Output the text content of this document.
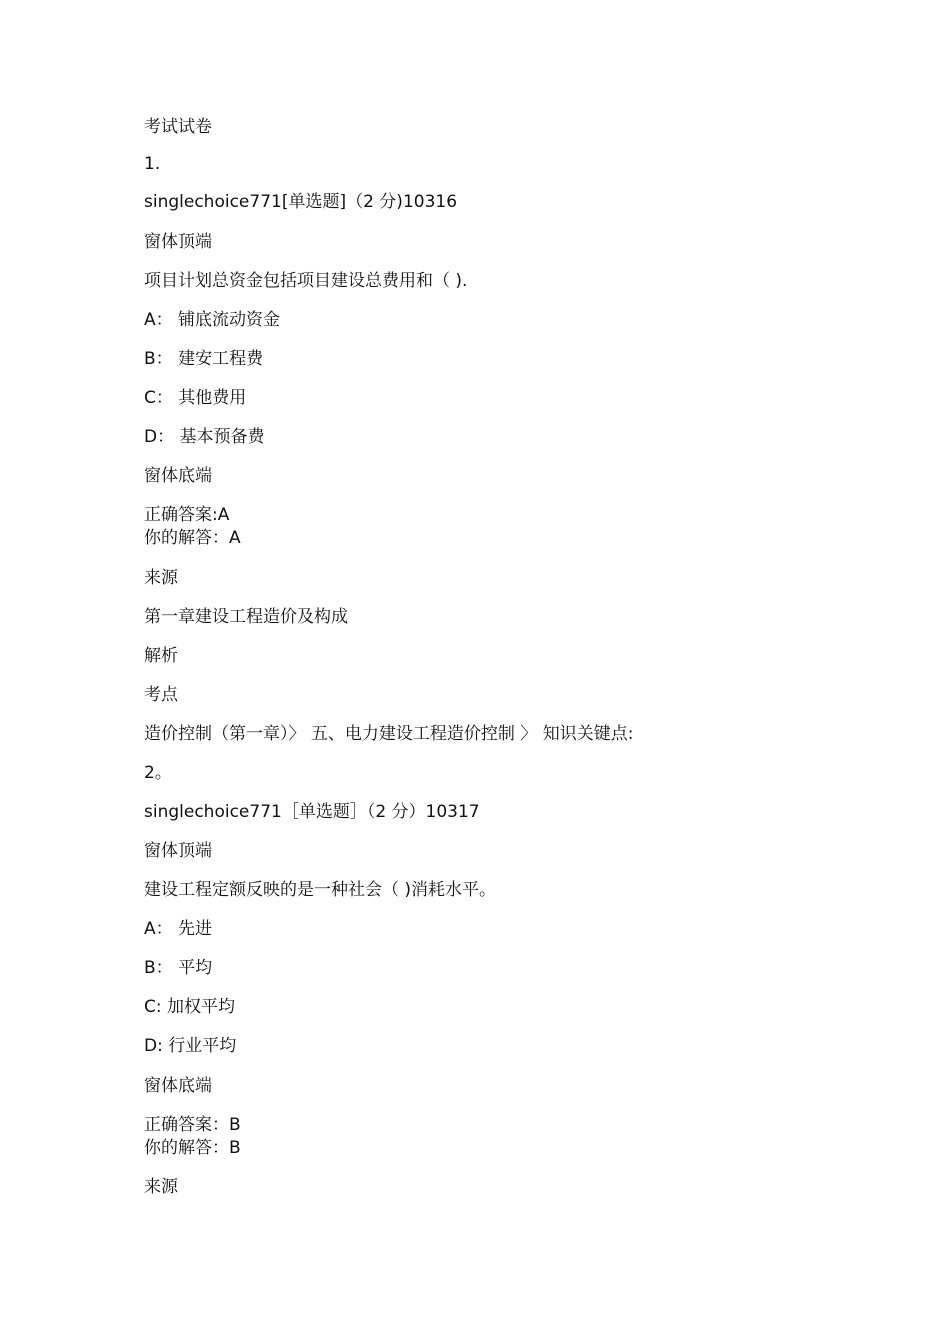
考试试卷
1.
singlechoice771[单选题]（2 分)10316
窗体顶端
项目计划总资金包括项目建设总费用和（ ).
A： 铺底流动资金
B： 建安工程费
C： 其他费用
D： 基本预备费
窗体底端
正确答案:A
你的解答：A
来源
第一章建设工程造价及构成
解析
考点
造价控制（第一章）〉 五、电力建设工程造价控制 〉 知识关键点:
2。
singlechoice771［单选题］（2 分）10317
窗体顶端
建设工程定额反映的是一种社会（ )消耗水平。
A： 先进
B： 平均
C: 加权平均
D: 行业平均
窗体底端
正确答案：B
你的解答：B
来源
